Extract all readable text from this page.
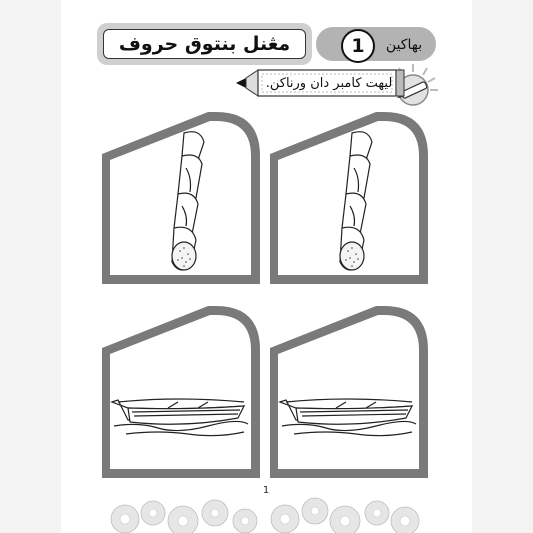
مڠنل بنتوق حروف	1	بهاکين
ليهت کامبر دان ورناکن.
1
